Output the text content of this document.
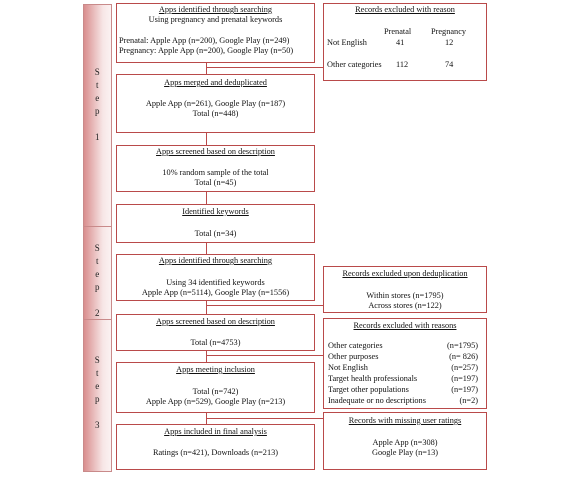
S
t
e
p

1
S
t
e
p

2
S
t
e
p

3
Apps identified through searching
Using pregnancy and prenatal keywords
Prenatal: Apple App (n=200), Google Play (n=249)
Pregnancy: Apple App (n=200), Google Play (n=50)
Apps merged and deduplicated
Apple App (n=261), Google Play (n=187)
Total (n=448)
Apps screened based on description
10% random sample of the total
Total (n=45)
Identified keywords
Total (n=34)
Apps identified through searching
Using 34 identified keywords
Apple App (n=5114), Google Play (n=1556)
Apps screened based on description
Total (n=4753)
Apps meeting inclusion
Total (n=742)
Apple App (n=529), Google Play (n=213)
Apps included in final analysis
Ratings (n=421), Downloads (n=213)
Records excluded with reason
Prenatal Pregnancy
Not English	41	12
Other categories 112	74
Records excluded upon deduplication
Within stores (n=1795)
Across stores (n=122)
Records excluded with reasons
Other categories	(n=1795)
Other purposes	(n= 826)
Not English	(n=257)
Target health professionals	(n=197)
Target other populations	(n=197)
Inadequate or no descriptions	(n=2)
Records with missing user ratings
Apple App (n=308)
Google Play (n=13)
